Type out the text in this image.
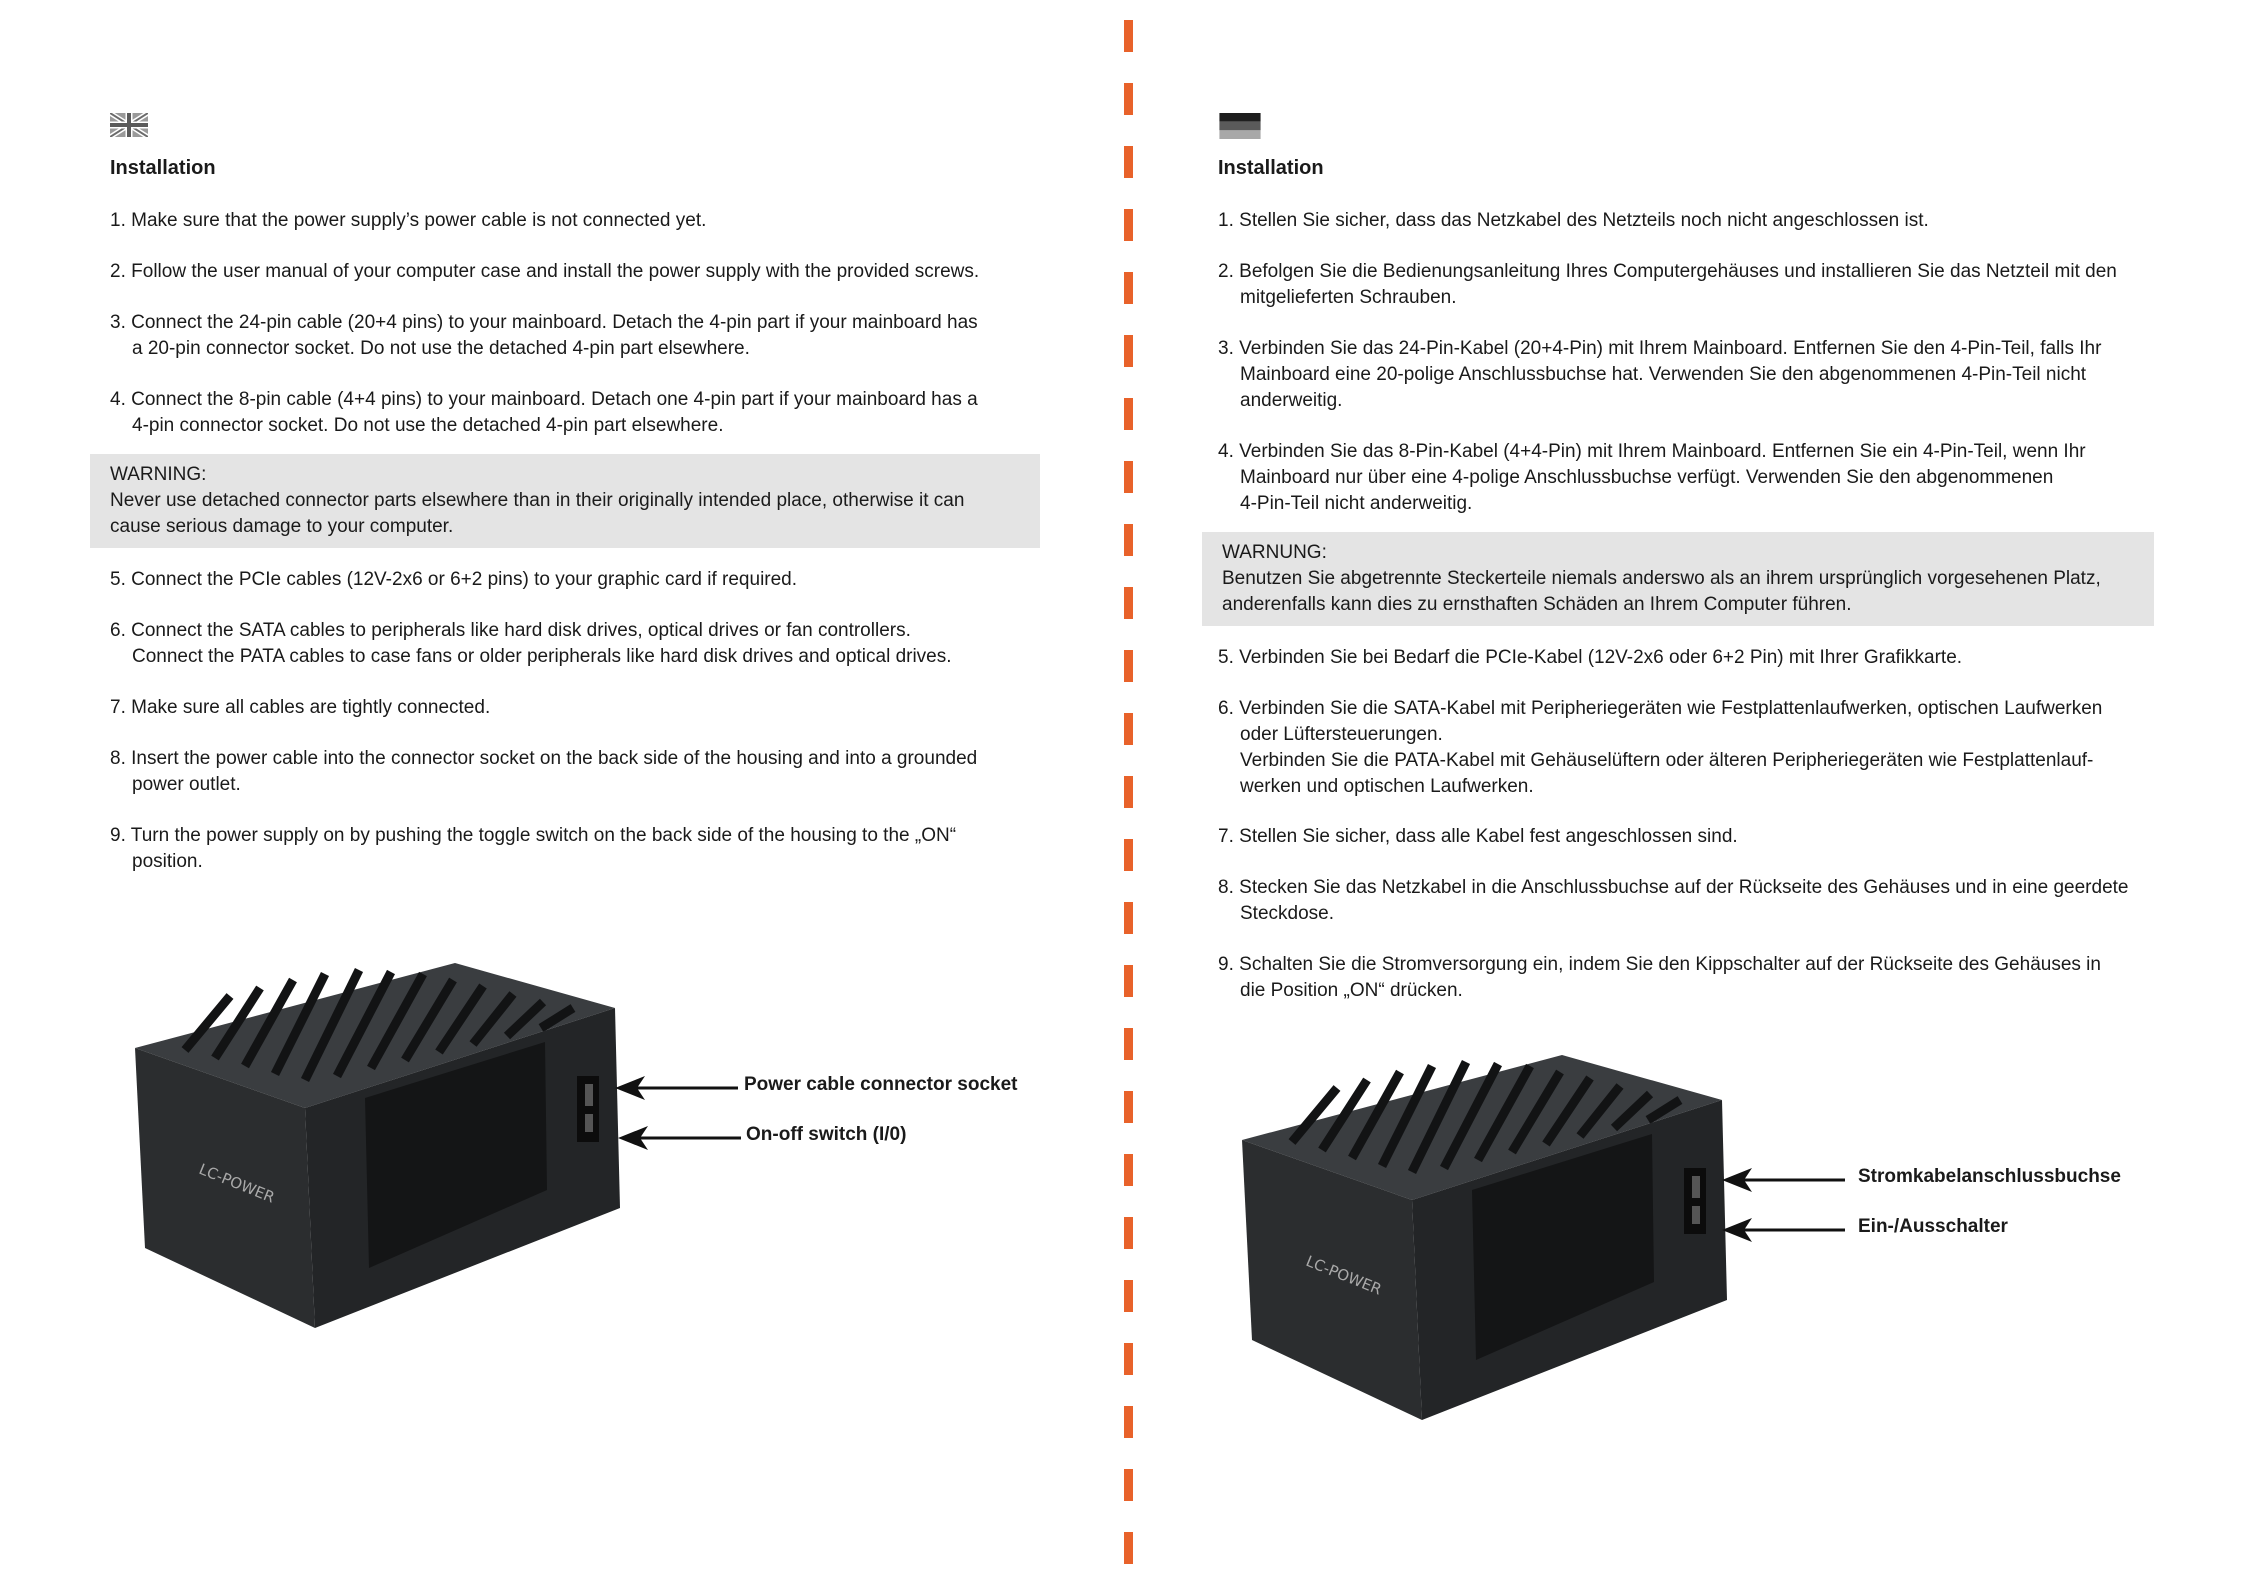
Installation
1. Make sure that the power supply’s power cable is not connected yet.
2. Follow the user manual of your computer case and install the power supply with the provided screws.
3. Connect the 24-pin cable (20+4 pins) to your mainboard. Detach the 4-pin part if your mainboard has
a 20-pin connector socket. Do not use the detached 4-pin part elsewhere.
4. Connect the 8-pin cable (4+4 pins) to your mainboard. Detach one 4-pin part if your mainboard has a
4-pin connector socket. Do not use the detached 4-pin part elsewhere.
WARNING:
Never use detached connector parts elsewhere than in their originally intended place, otherwise it can cause serious damage to your computer.
5. Connect the PCIe cables (12V-2x6 or 6+2 pins) to your graphic card if required.
6. Connect the SATA cables to peripherals like hard disk drives, optical drives or fan controllers.
Connect the PATA cables to case fans or older peripherals like hard disk drives and optical drives.
7. Make sure all cables are tightly connected.
8. Insert the power cable into the connector socket on the back side of the housing and into a grounded
power outlet.
9. Turn the power supply on by pushing the toggle switch on the back side of the housing to the „ON“
position.
LC-POWER
Power cable connector socket
On-off switch (I/0)
Installation
1. Stellen Sie sicher, dass das Netzkabel des Netzteils noch nicht angeschlossen ist.
2. Befolgen Sie die Bedienungsanleitung Ihres Computergehäuses und installieren Sie das Netzteil mit den
mitgelieferten Schrauben.
3. Verbinden Sie das 24-Pin-Kabel (20+4-Pin) mit Ihrem Mainboard. Entfernen Sie den 4-Pin-Teil, falls Ihr
Mainboard eine 20-polige Anschlussbuchse hat. Verwenden Sie den abgenommenen 4-Pin-Teil nicht
anderweitig.
4. Verbinden Sie das 8-Pin-Kabel (4+4-Pin) mit Ihrem Mainboard. Entfernen Sie ein 4-Pin-Teil, wenn Ihr
Mainboard nur über eine 4-polige Anschlussbuchse verfügt. Verwenden Sie den abgenommenen
4-Pin-Teil nicht anderweitig.
WARNUNG:
Benutzen Sie abgetrennte Steckerteile niemals anderswo als an ihrem ursprünglich vorgesehenen Platz, anderenfalls kann dies zu ernsthaften Schäden an Ihrem Computer führen.
5. Verbinden Sie bei Bedarf die PCIe-Kabel (12V-2x6 oder 6+2 Pin) mit Ihrer Grafikkarte.
6. Verbinden Sie die SATA-Kabel mit Peripheriegeräten wie Festplattenlaufwerken, optischen Laufwerken
oder Lüftersteuerungen.
Verbinden Sie die PATA-Kabel mit Gehäuselüftern oder älteren Peripheriegeräten wie Festplattenlauf-
werken und optischen Laufwerken.
7. Stellen Sie sicher, dass alle Kabel fest angeschlossen sind.
8. Stecken Sie das Netzkabel in die Anschlussbuchse auf der Rückseite des Gehäuses und in eine geerdete
Steckdose.
9. Schalten Sie die Stromversorgung ein, indem Sie den Kippschalter auf der Rückseite des Gehäuses in
die Position „ON“ drücken.
LC-POWER
Stromkabelanschlussbuchse
Ein-/Ausschalter
